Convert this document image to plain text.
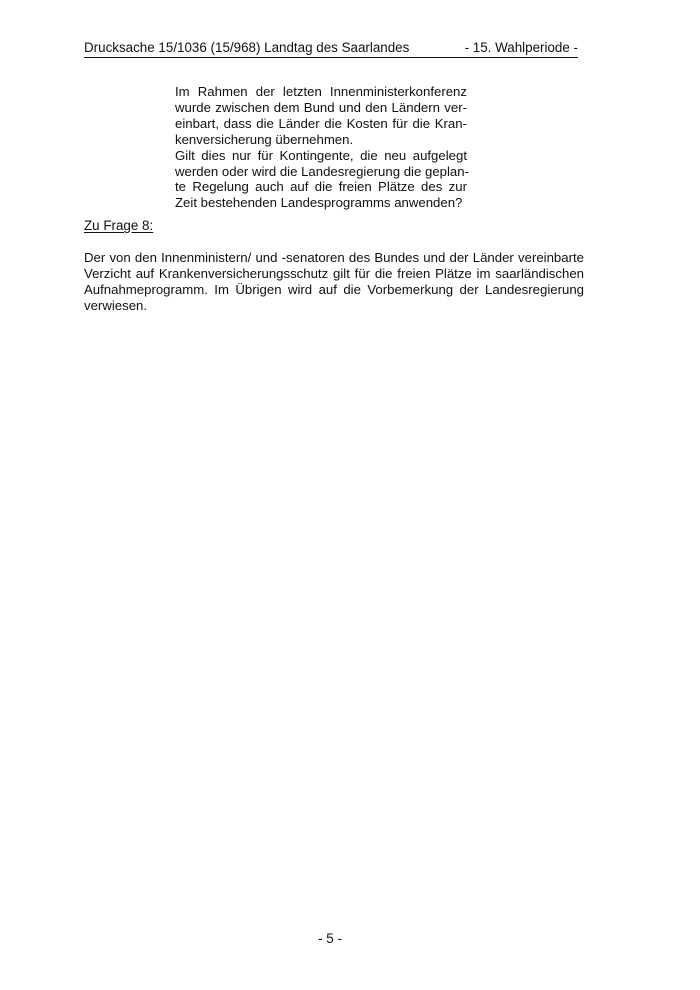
Drucksache 15/1036 (15/968) Landtag des Saarlandes	- 15. Wahlperiode -
Im Rahmen der letzten Innenministerkonferenz
wurde zwischen dem Bund und den Ländern ver-
einbart, dass die Länder die Kosten für die Kran-
kenversicherung übernehmen.
Gilt dies nur für Kontingente, die neu aufgelegt
werden oder wird die Landesregierung die geplan-
te Regelung auch auf die freien Plätze des zur
Zeit bestehenden Landesprogramms anwenden?
Zu Frage 8:
Der von den Innenministern/ und -senatoren des Bundes und der Länder vereinbarte
Verzicht auf Krankenversicherungsschutz gilt für die freien Plätze im saarländischen
Aufnahmeprogramm. Im Übrigen wird auf die Vorbemerkung der Landesregierung
verwiesen.
- 5 -
